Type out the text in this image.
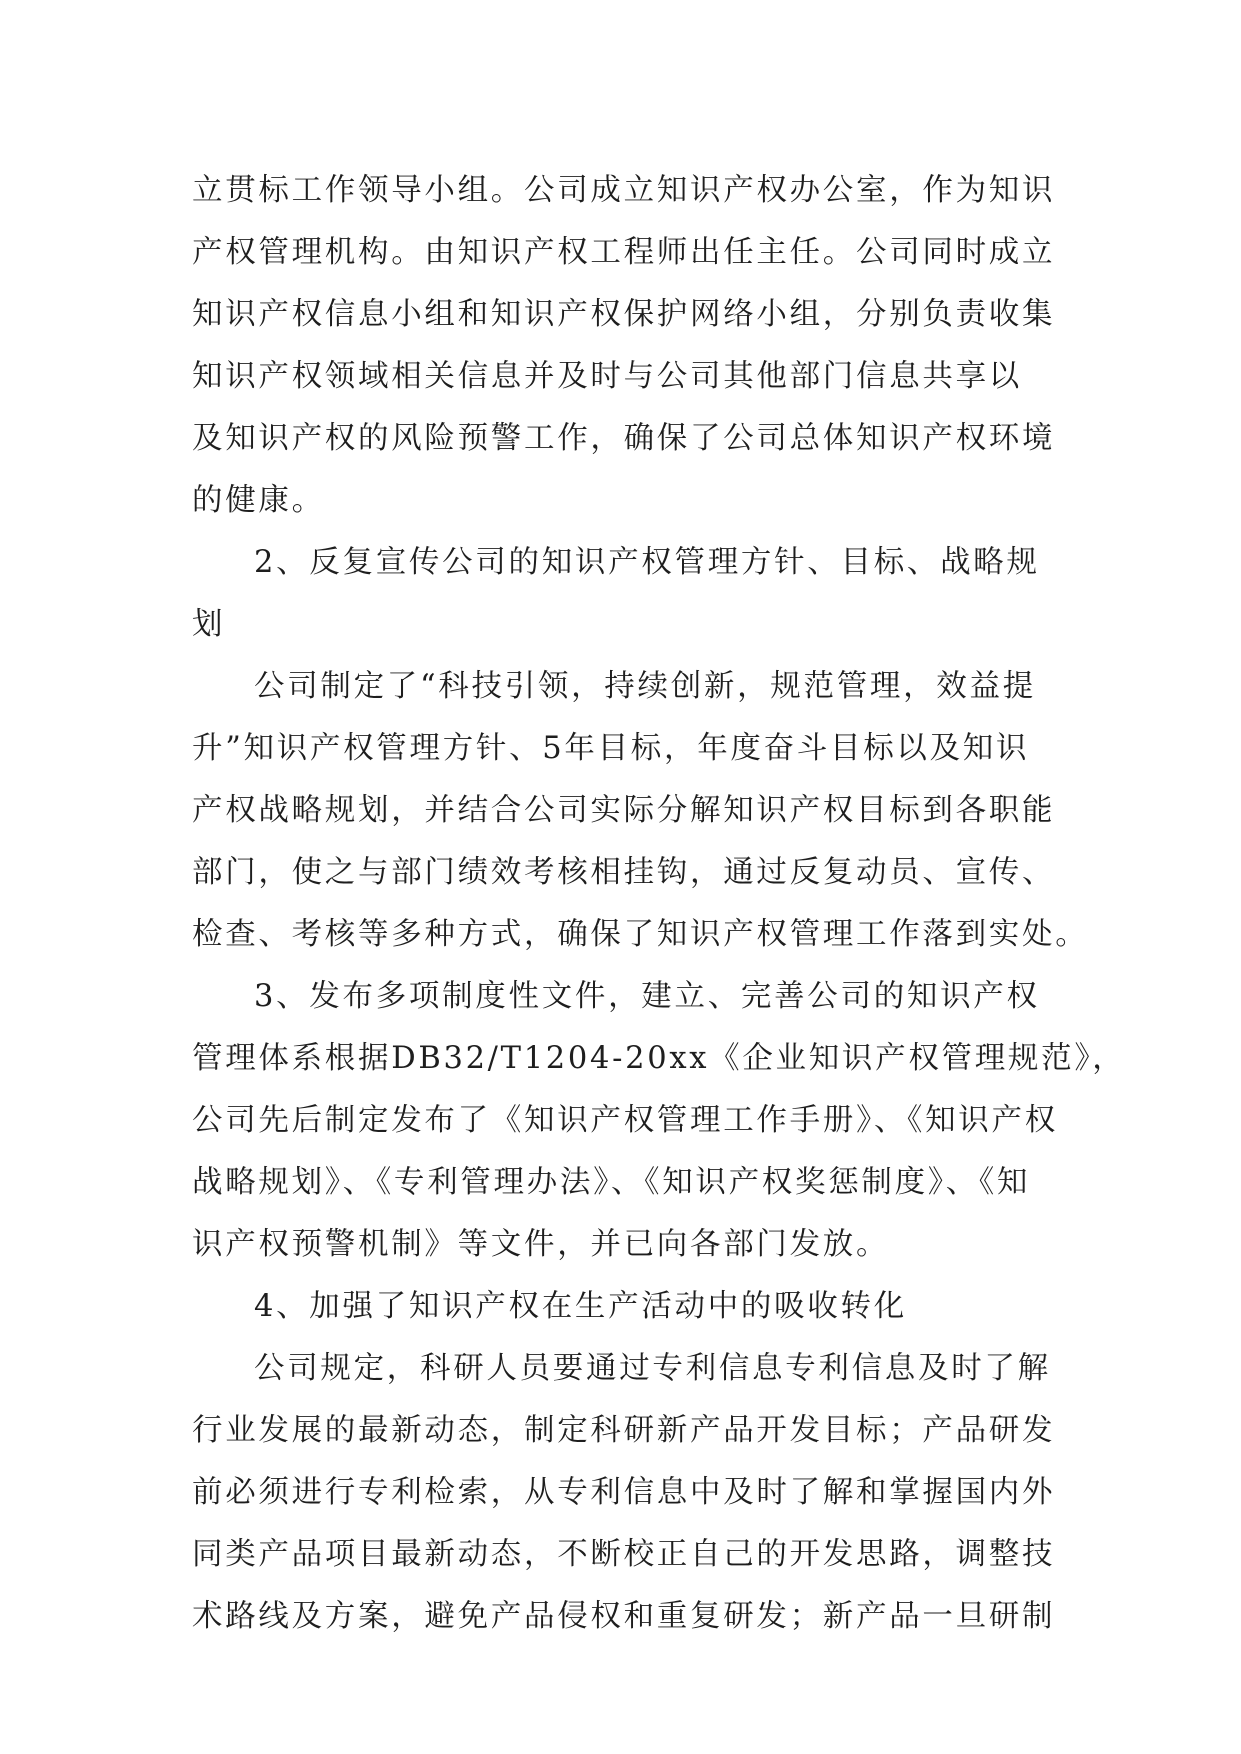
立贯标工作领导小组。公司成立知识产权办公室，作为知识
产权管理机构。由知识产权工程师出任主任。公司同时成立
知识产权信息小组和知识产权保护网络小组，分别负责收集
知识产权领域相关信息并及时与公司其他部门信息共享以
及知识产权的风险预警工作，确保了公司总体知识产权环境
的健康。
2、反复宣传公司的知识产权管理方针、目标、战略规
划
公司制定了“科技引领，持续创新，规范管理，效益提
升”知识产权管理方针、5年目标，年度奋斗目标以及知识
产权战略规划，并结合公司实际分解知识产权目标到各职能
部门，使之与部门绩效考核相挂钩，通过反复动员、宣传、
检查、考核等多种方式，确保了知识产权管理工作落到实处。
3、发布多项制度性文件，建立、完善公司的知识产权
管理体系根据DB32/T1204-20xx《企业知识产权管理规范》，
公司先后制定发布了《知识产权管理工作手册》、《知识产权
战略规划》、《专利管理办法》、《知识产权奖惩制度》、《知
识产权预警机制》等文件，并已向各部门发放。
4、加强了知识产权在生产活动中的吸收转化
公司规定，科研人员要通过专利信息专利信息及时了解
行业发展的最新动态，制定科研新产品开发目标；产品研发
前必须进行专利检索，从专利信息中及时了解和掌握国内外
同类产品项目最新动态，不断校正自己的开发思路，调整技
术路线及方案，避免产品侵权和重复研发；新产品一旦研制
